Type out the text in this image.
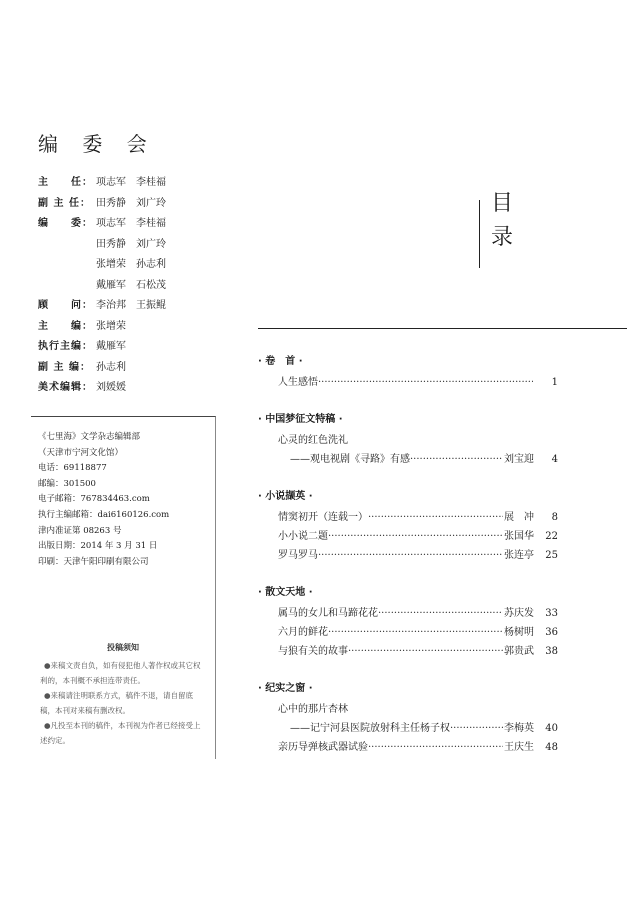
编 委 会
主　　任： 项志军　李桂福
副 主 任： 田秀静　刘广玲
编　　委： 项志军　李桂福
田秀静　刘广玲
张增荣　孙志利
戴雁军　石松茂
顾　　问： 李治邦　王振鲲
主　　编： 张增荣
执行主编： 戴雁军
副 主 编： 孙志利
美术编辑： 刘媛媛
《七里海》文学杂志编辑部
（天津市宁河文化馆）
电话：69118877
邮编：301500
电子邮箱：767834463​.com
执行主编邮箱：dai6160126.com
津内准证第 08263 号
出版日期：2014 年 3 月 31 日
印刷：天津午阳印刷有限公司
投稿须知

●来稿文责自负，如有侵犯他人著作权或其它权利的，本刊概不承担连带责任。

●来稿请注明联系方式，稿件不退，请自留底稿，本刊对来稿有删改权。

●凡投至本刊的稿件，本刊视为作者已经接受上述约定。

目录
· 卷　首 ·
人生感悟 ·····	1
· 中国梦征文特稿 ·
心灵的红色洗礼
——观电视剧《寻路》有感 ·····	刘宝迎	4
· 小说撷英 ·
情窦初开（连载一） ·····	展　冲	8
小小说二题 ·····	张国华	22
罗马罗马 ·····	张连亭	25
· 散文天地 ·
属马的女儿和马蹄花花 ·····	苏庆发	33
六月的鲜花 ·····	杨树明	36
与狼有关的故事 ·····	郭贵武	38
· 纪实之窗 ·
心中的那片杏林
——记宁河县医院放射科主任杨子权 ·····	李梅英	40
亲历导弹核武器试验 ·····	王庆生	48
